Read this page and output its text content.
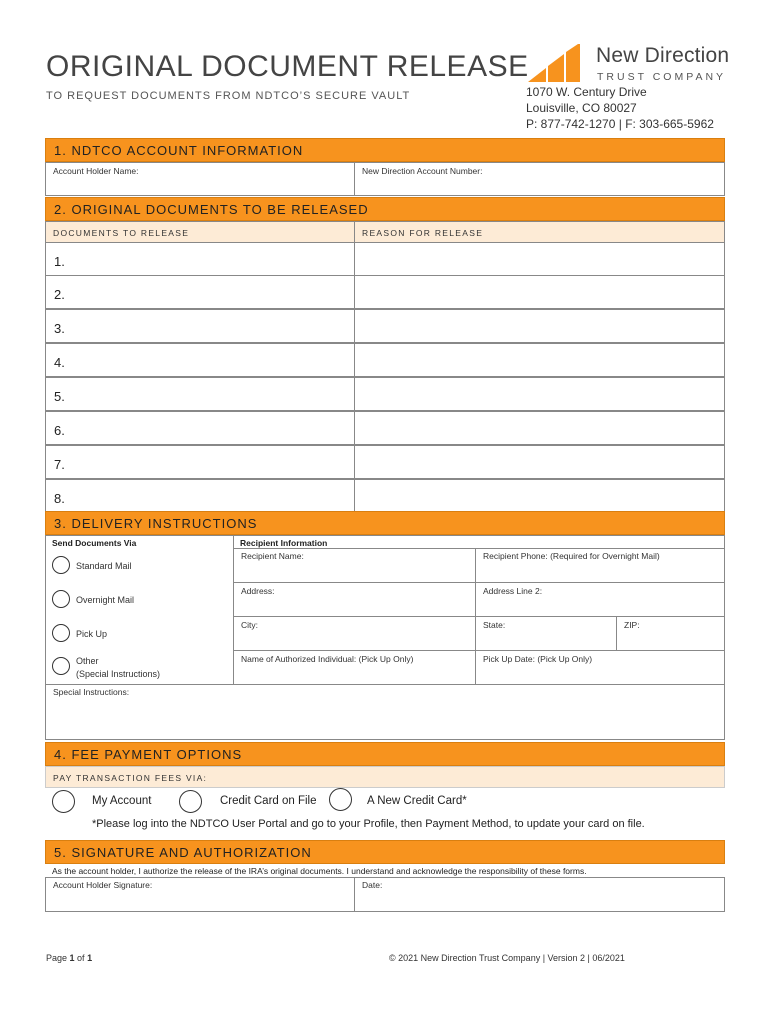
ORIGINAL DOCUMENT RELEASE
TO REQUEST DOCUMENTS FROM NDTCO’S SECURE VAULT
New Direction
TRUST COMPANY
1070 W. Century Drive
Louisville, CO 80027
P: 877-742-1270 | F: 303-665-5962
1. NDTCO ACCOUNT INFORMATION
Account Holder Name:	New Direction Account Number:
2. ORIGINAL DOCUMENTS TO BE RELEASED
DOCUMENTS TO RELEASE	REASON FOR RELEASE
1.
2.
3.
4.
5.
6.
7.
8.
3. DELIVERY INSTRUCTIONS
Send Documents Via
Standard Mail
Overnight Mail
Pick Up
Other
(Special Instructions)
Recipient Information
Recipient Name:	Recipient Phone: (Required for Overnight Mail)
Address:	Address Line 2:
City:	State:	ZIP:
Name of Authorized Individual: (Pick Up Only)	Pick Up Date: (Pick Up Only)
Special Instructions:
4. FEE PAYMENT OPTIONS
PAY TRANSACTION FEES VIA:
My Account	Credit Card on File	A New Credit Card*
*Please log into the NDTCO User Portal and go to your Profile, then Payment Method, to update your card on file.
5. SIGNATURE AND AUTHORIZATION
As the account holder, I authorize the release of the IRA’s original documents. I understand and acknowledge the responsibility of these forms.
Account Holder Signature:	Date:
Page 1 of 1	© 2021 New Direction Trust Company | Version 2 | 06/2021
